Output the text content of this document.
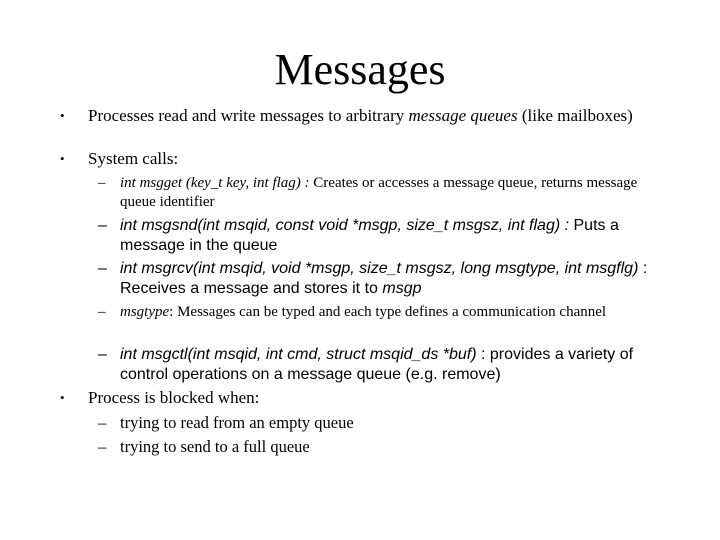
Messages
• Processes read and write messages to arbitrary message queues (like mailboxes)
• System calls:
– int msgget (key_t key, int flag) : Creates or accesses a message queue, returns message queue identifier
– int msgsnd(int msqid, const void *msgp, size_t msgsz, int flag) : Puts a message in the queue
– int msgrcv(int msqid, void *msgp, size_t msgsz, long msgtype, int msgflg) : Receives a message and stores it to msgp
– msgtype: Messages can be typed and each type defines a communication channel
– int msgctl(int msqid, int cmd, struct msqid_ds *buf) : provides a variety of control operations on a message queue (e.g. remove)
• Process is blocked when:
– trying to read from an empty queue
– trying to send to a full queue
